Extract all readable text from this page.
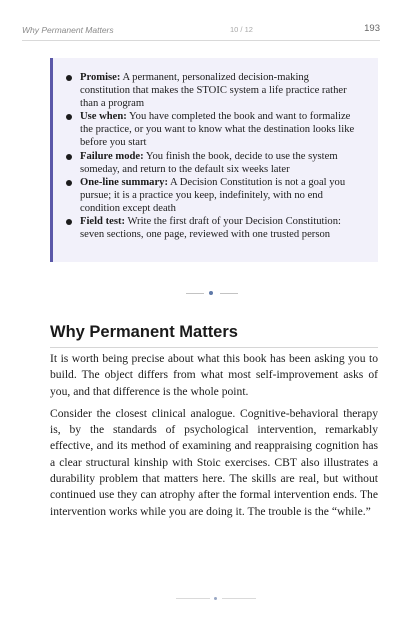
Why Permanent Matters	10 / 12	193
Promise: A permanent, personalized decision-making constitution that makes the STOIC system a life practice rather than a program
Use when: You have completed the book and want to formalize the practice, or you want to know what the destination looks like before you start
Failure mode: You finish the book, decide to use the system someday, and return to the default six weeks later
One-line summary: A Decision Constitution is not a goal you pursue; it is a practice you keep, indefinitely, with no end condition except death
Field test: Write the first draft of your Decision Constitution: seven sections, one page, reviewed with one trusted person
Why Permanent Matters

It is worth being precise about what this book has been asking you to build. The object differs from what most self-improvement asks of you, and that difference is the whole point.

Consider the closest clinical analogue. Cognitive-behavioral therapy is, by the standards of psychological intervention, remarkably effective, and its method of examining and reappraising cognition has a clear structural kinship with Stoic exercises. CBT also illustrates a durability problem that matters here. The skills are real, but without continued use they can atrophy after the formal intervention ends. The intervention works while you are doing it. The trouble is the “while.”
